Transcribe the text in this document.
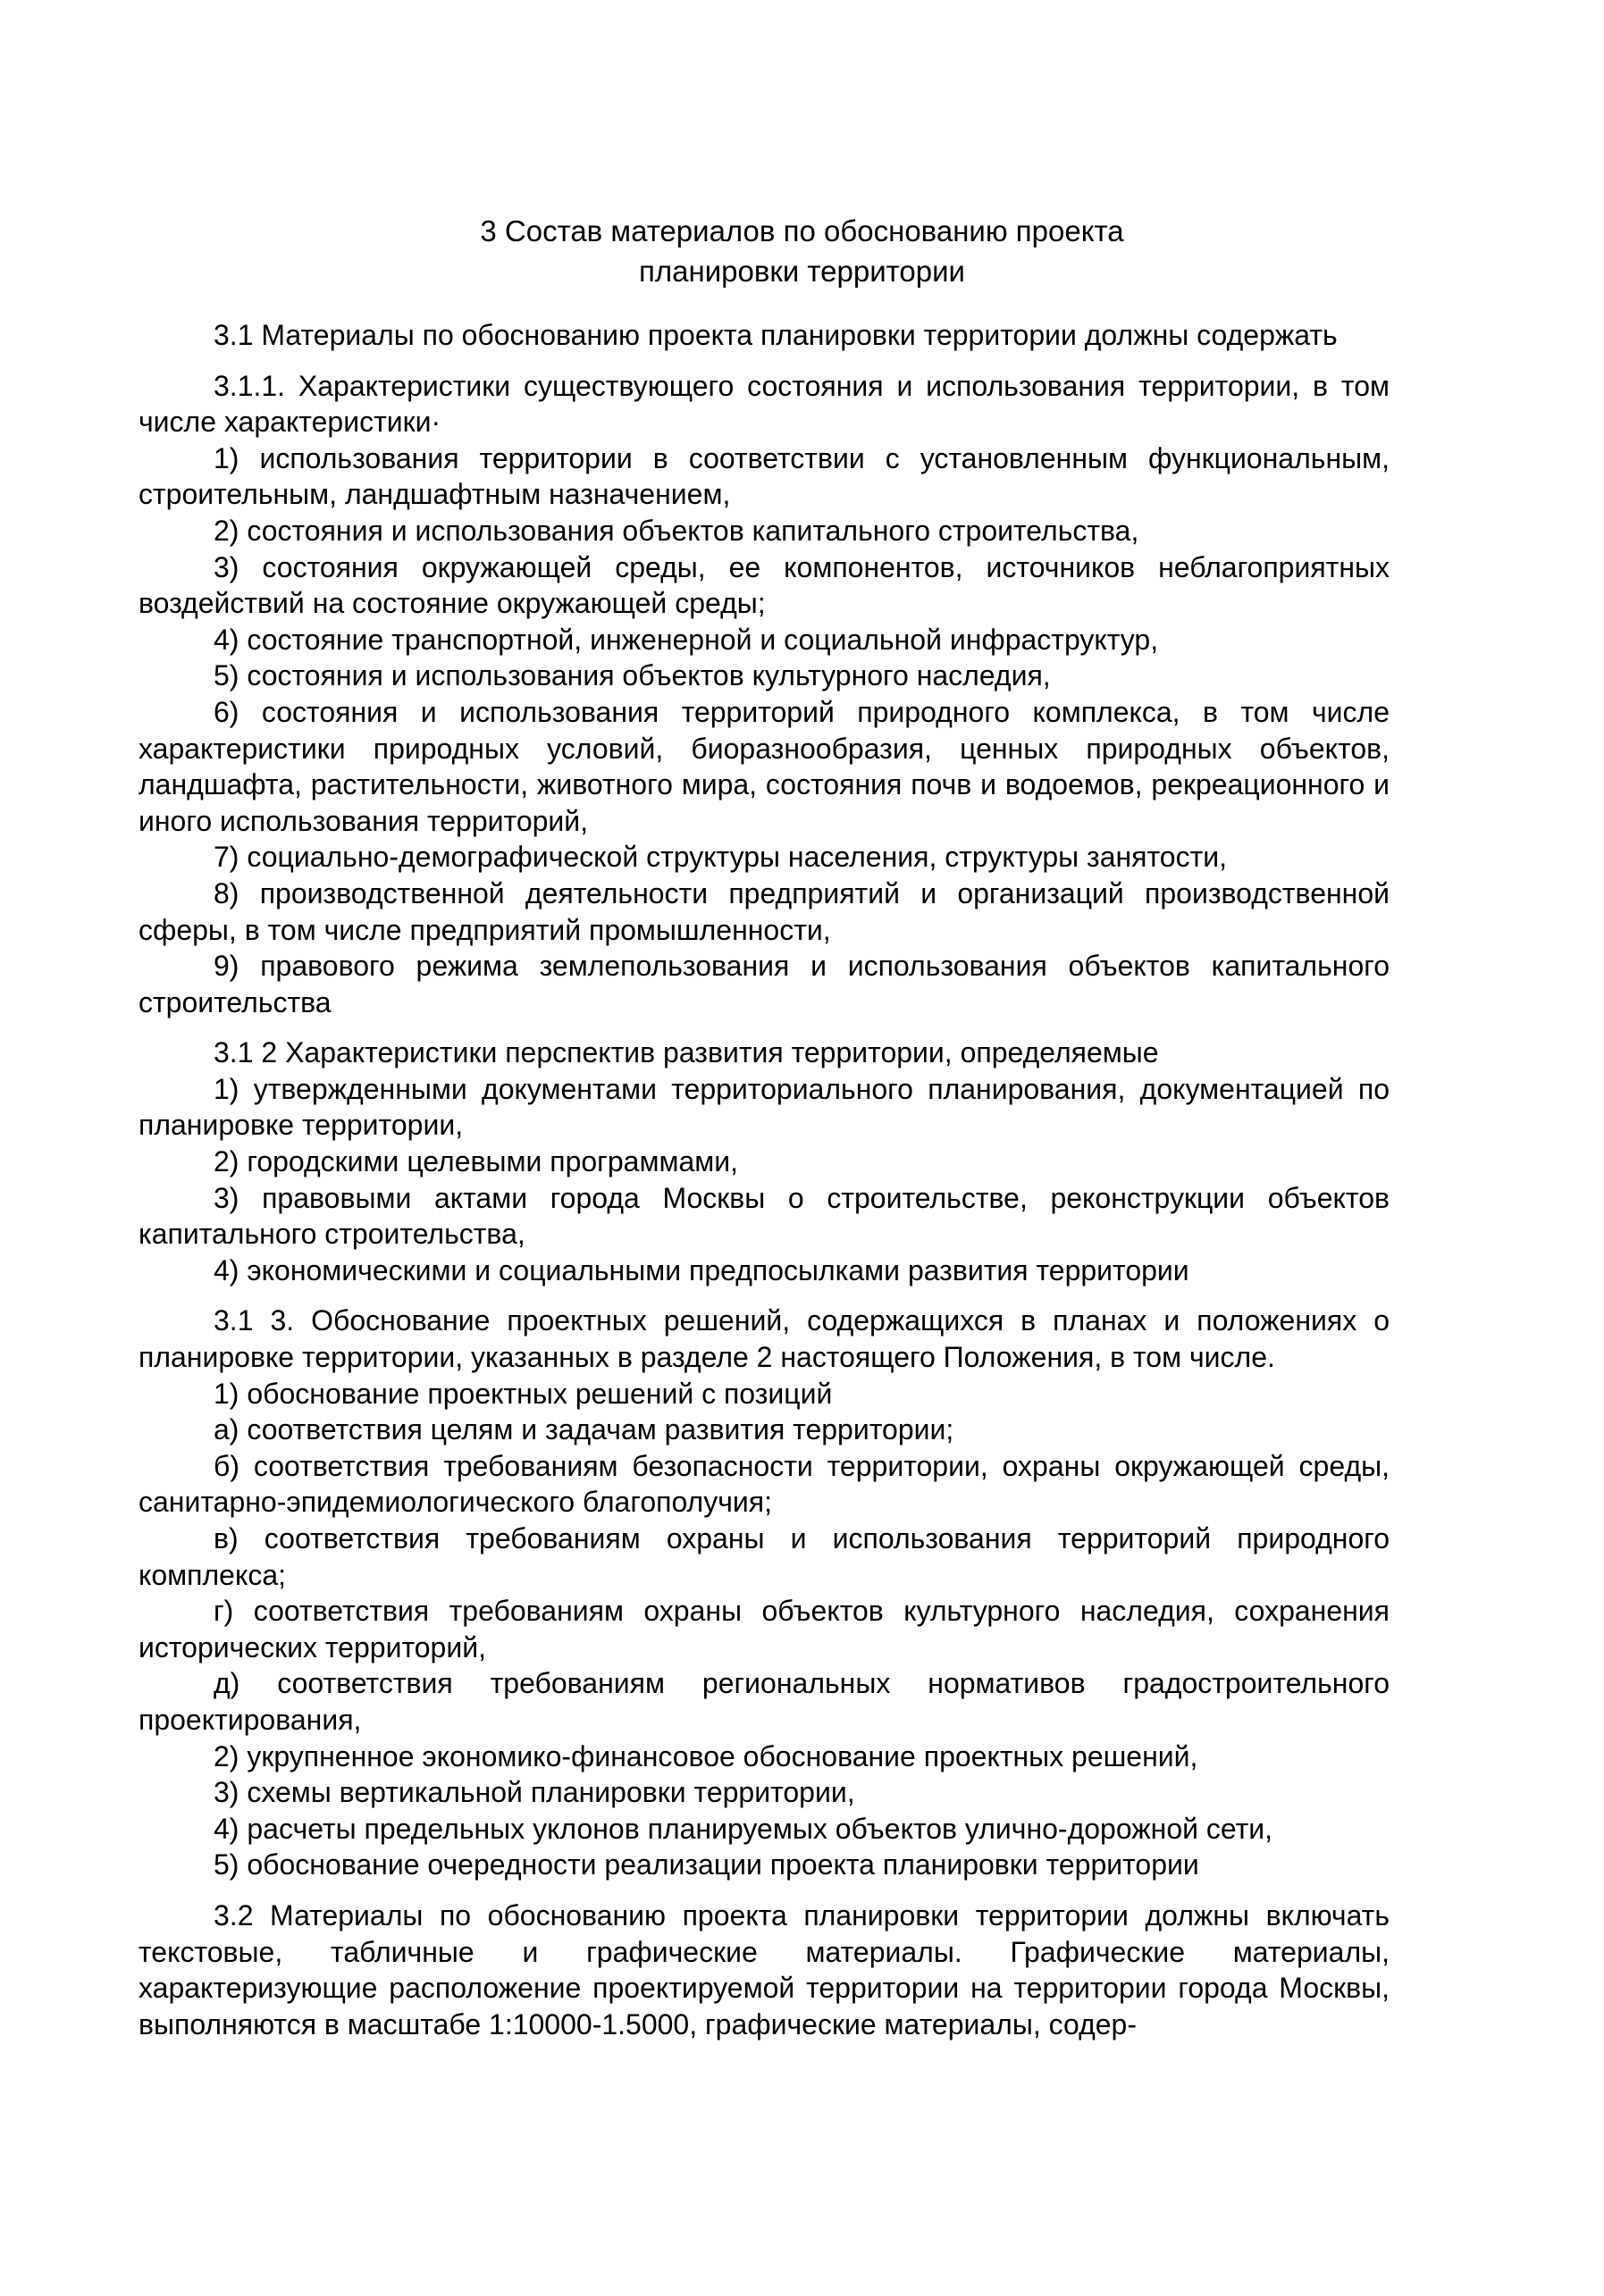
3 Состав материалов по обоснованию проекта
планировки территории

3.1 Материалы по обоснованию проекта планировки территории должны содержать

3.1.1. Характеристики существующего состояния и использования территории, в том числе характеристики·

1) использования территории в соответствии с установленным функциональным, строительным, ландшафтным назначением,

2) состояния и использования объектов капитального строительства,

3) состояния окружающей среды, ее компонентов, источников неблагоприятных воздействий на состояние окружающей среды;

4) состояние транспортной, инженерной и социальной инфраструктур,

5) состояния и использования объектов культурного наследия,

6) состояния и использования территорий природного комплекса, в том числе характеристики природных условий, биоразнообразия, ценных природных объектов, ландшафта, растительности, животного мира, состояния почв и водоемов, рекреационного и иного использования территорий,

7) социально-демографической структуры населения, структуры занятости,

8) производственной деятельности предприятий и организаций производственной сферы, в том числе предприятий промышленности,

9) правового режима землепользования и использования объектов капитального строительства

3.1 2 Характеристики перспектив развития территории, определяемые

1) утвержденными документами территориального планирования, документацией по планировке территории,

2) городскими целевыми программами,

3) правовыми актами города Москвы о строительстве, реконструкции объектов капитального строительства,

4) экономическими и социальными предпосылками развития территории

3.1 3. Обоснование проектных решений, содержащихся в планах и положениях о планировке территории, указанных в разделе 2 настоящего Положения, в том числе.

1) обоснование проектных решений с позиций

а) соответствия целям и задачам развития территории;

б) соответствия требованиям безопасности территории, охраны окружающей среды, санитарно-эпидемиологического благополучия;

в) соответствия требованиям охраны и использования территорий природного комплекса;

г) соответствия требованиям охраны объектов культурного наследия, сохранения исторических территорий,

д) соответствия требованиям региональных нормативов градостроительного проектирования,

2) укрупненное экономико-финансовое обоснование проектных решений,

3) схемы вертикальной планировки территории,

4) расчеты предельных уклонов планируемых объектов улично-дорожной сети,

5) обоснование очередности реализации проекта планировки территории

3.2 Материалы по обоснованию проекта планировки территории должны включать текстовые, табличные и графические материалы. Графические материалы, характеризующие расположение проектируемой территории на территории города Москвы, выполняются в масштабе 1:10000-1.5000, графические материалы, содер-
